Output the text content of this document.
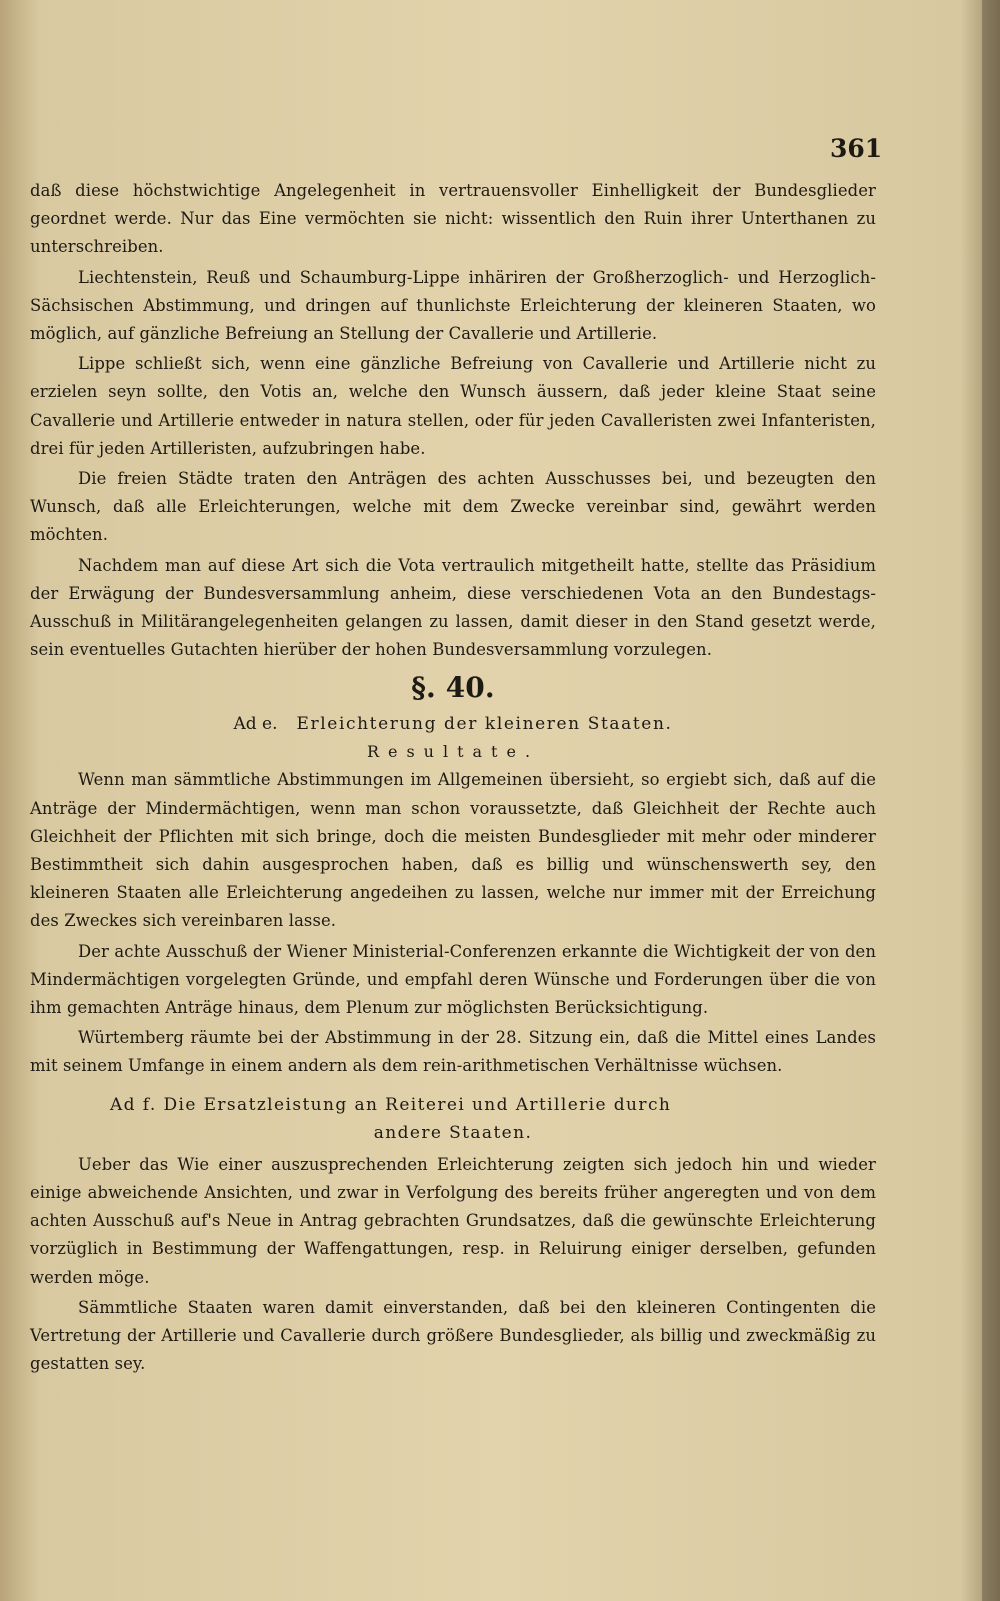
361

daß diese höchstwichtige Angelegenheit in vertrauensvoller Einhelligkeit der Bundesglieder geordnet werde. Nur das Eine vermöchten sie nicht: wissentlich den Ruin ihrer Unterthanen zu unterschreiben.

Liechtenstein, Reuß und Schaumburg-Lippe inhäriren der Großherzoglich- und Herzoglich-Sächsischen Abstimmung, und dringen auf thunlichste Erleichterung der kleineren Staaten, wo möglich, auf gänzliche Befreiung an Stellung der Cavallerie und Artillerie.

Lippe schließt sich, wenn eine gänzliche Befreiung von Cavallerie und Artillerie nicht zu erzielen seyn sollte, den Votis an, welche den Wunsch äussern, daß jeder kleine Staat seine Cavallerie und Artillerie entweder in natura stellen, oder für jeden Cavalleristen zwei Infanteristen, drei für jeden Artilleristen, aufzubringen habe.

Die freien Städte traten den Anträgen des achten Ausschusses bei, und bezeugten den Wunsch, daß alle Erleichterungen, welche mit dem Zwecke vereinbar sind, gewährt werden möchten.

Nachdem man auf diese Art sich die Vota vertraulich mitgetheilt hatte, stellte das Präsidium der Erwägung der Bundesversammlung anheim, diese verschiedenen Vota an den Bundestags-Ausschuß in Militärangelegenheiten gelangen zu lassen, damit dieser in den Stand gesetzt werde, sein eventuelles Gutachten hierüber der hohen Bundesversammlung vorzulegen.

§. 40.

Ad e. Erleichterung der kleineren Staaten.

Resultate.

Wenn man sämmtliche Abstimmungen im Allgemeinen übersieht, so ergiebt sich, daß auf die Anträge der Mindermächtigen, wenn man schon voraussetzte, daß Gleichheit der Rechte auch Gleichheit der Pflichten mit sich bringe, doch die meisten Bundesglieder mit mehr oder minderer Bestimmtheit sich dahin ausgesprochen haben, daß es billig und wünschenswerth sey, den kleineren Staaten alle Erleichterung angedeihen zu lassen, welche nur immer mit der Erreichung des Zweckes sich vereinbaren lasse.

Der achte Ausschuß der Wiener Ministerial-Conferenzen erkannte die Wichtigkeit der von den Mindermächtigen vorgelegten Gründe, und empfahl deren Wünsche und Forderungen über die von ihm gemachten Anträge hinaus, dem Plenum zur möglichsten Berücksichtigung.

Würtemberg räumte bei der Abstimmung in der 28. Sitzung ein, daß die Mittel eines Landes mit seinem Umfange in einem andern als dem rein-arithmetischen Verhältnisse wüchsen.

Ad f. Die Ersatzleistung an Reiterei und Artillerie durch

andere Staaten.

Ueber das Wie einer auszusprechenden Erleichterung zeigten sich jedoch hin und wieder einige abweichende Ansichten, und zwar in Verfolgung des bereits früher angeregten und von dem achten Ausschuß auf's Neue in Antrag gebrachten Grundsatzes, daß die gewünschte Erleichterung vorzüglich in Bestimmung der Waffengattungen, resp. in Reluirung einiger derselben, gefunden werden möge.

Sämmtliche Staaten waren damit einverstanden, daß bei den kleineren Contingenten die Vertretung der Artillerie und Cavallerie durch größere Bundesglieder, als billig und zweckmäßig zu gestatten sey.
